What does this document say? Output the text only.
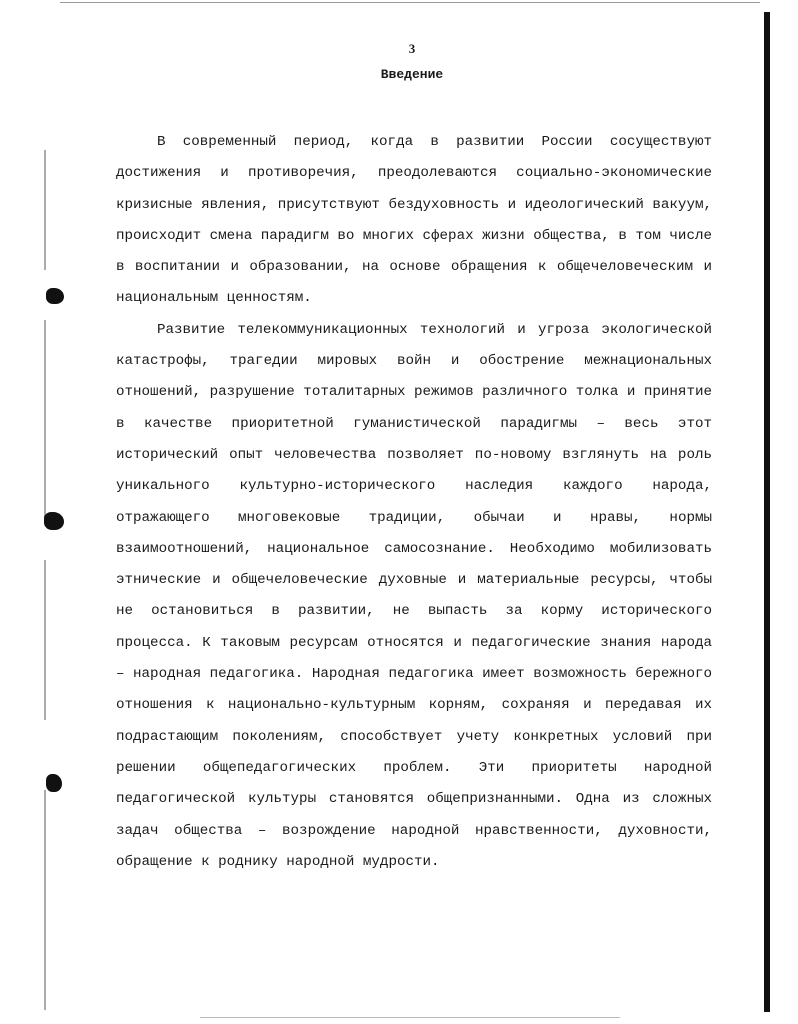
3
Введение

В современный период, когда в развитии России сосуществуют достижения и противоречия, преодолеваются социально-экономические кризисные явления, присутствуют бездуховность и идеологический вакуум, происходит смена парадигм во многих сферах жизни общества, в том числе в воспитании и образовании, на основе обращения к общечеловеческим и национальным ценностям.

Развитие телекоммуникационных технологий и угроза экологической катастрофы, трагедии мировых войн и обострение межнациональных отношений, разрушение тоталитарных режимов различного толка и принятие в качестве приоритетной гуманистической парадигмы – весь этот исторический опыт человечества позволяет по-новому взглянуть на роль уникального культурно-исторического наследия каждого народа, отражающего многовековые традиции, обычаи и нравы, нормы взаимоотношений, национальное самосознание. Необходимо мобилизовать этнические и общечеловеческие духовные и материальные ресурсы, чтобы не остановиться в развитии, не выпасть за корму исторического процесса. К таковым ресурсам относятся и педагогические знания народа – народная педагогика. Народная педагогика имеет возможность бережного отношения к национально-культурным корням, сохраняя и передавая их подрастающим поколениям, способствует учету конкретных условий при решении общепедагогических проблем. Эти приоритеты народной педагогической культуры становятся общепризнанными. Одна из сложных задач общества – возрождение народной нравственности, духовности, обращение к роднику народной мудрости.
